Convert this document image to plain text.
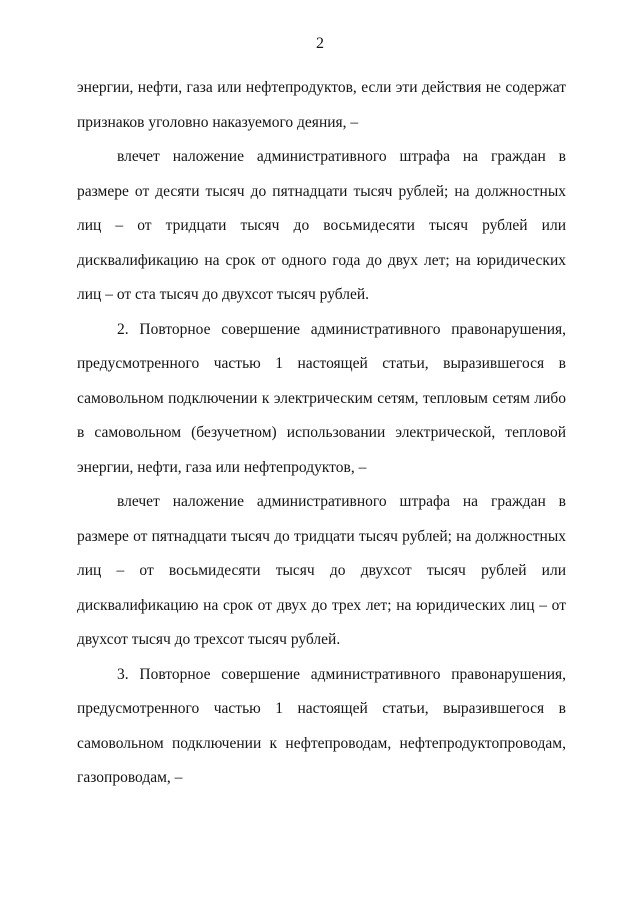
2

энергии, нефти, газа или нефтепродуктов, если эти действия не содержат признаков уголовно наказуемого деяния, –

влечет наложение административного штрафа на граждан в размере от десяти тысяч до пятнадцати тысяч рублей; на должностных лиц – от тридцати тысяч до восьмидесяти тысяч рублей или дисквалификацию на срок от одного года до двух лет; на юридических лиц – от ста тысяч до двухсот тысяч рублей.

2. Повторное совершение административного правонарушения, предусмотренного частью 1 настоящей статьи, выразившегося в самовольном подключении к электрическим сетям, тепловым сетям либо в самовольном (безучетном) использовании электрической, тепловой энергии, нефти, газа или нефтепродуктов, –

влечет наложение административного штрафа на граждан в размере от пятнадцати тысяч до тридцати тысяч рублей; на должностных лиц – от восьмидесяти тысяч до двухсот тысяч рублей или дисквалификацию на срок от двух до трех лет; на юридических лиц – от двухсот тысяч до трехсот тысяч рублей.

3. Повторное совершение административного правонарушения, предусмотренного частью 1 настоящей статьи, выразившегося в самовольном подключении к нефтепроводам, нефтепродуктопроводам, газопроводам, –
